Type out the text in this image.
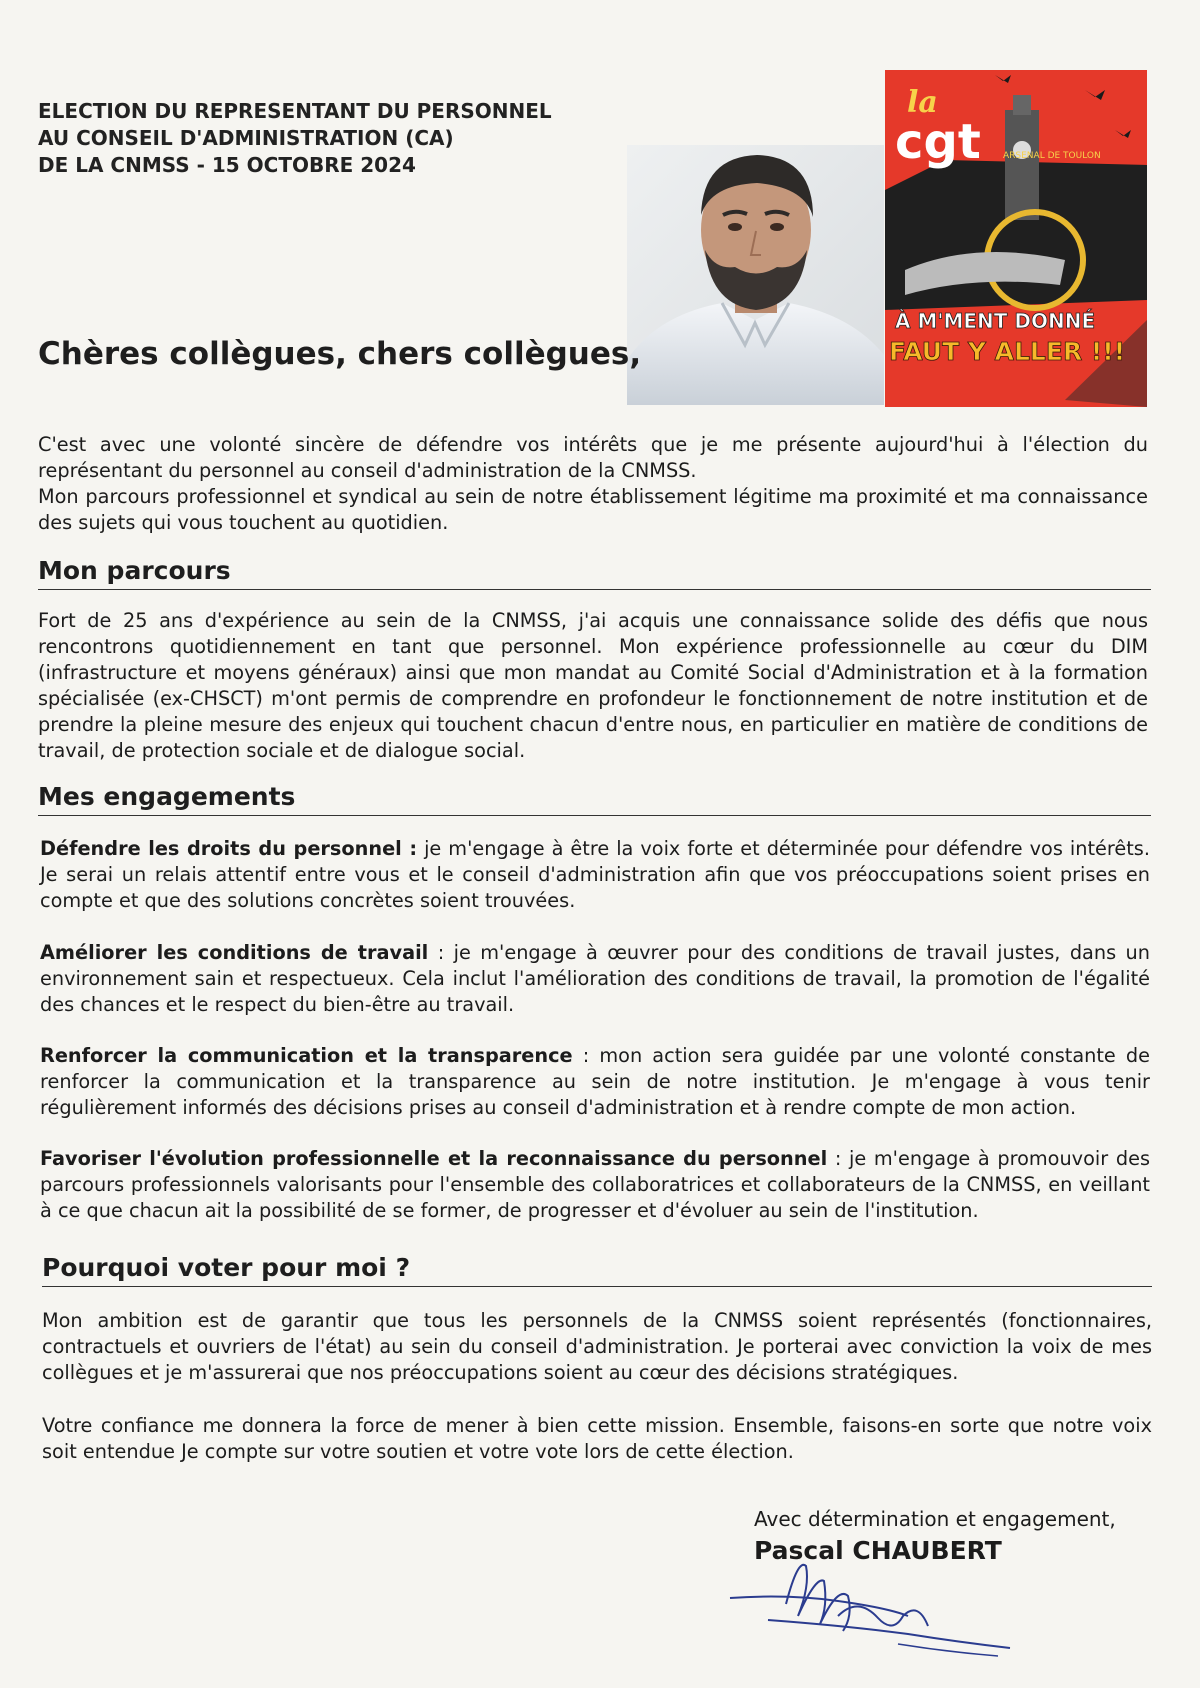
ELECTION DU REPRESENTANT DU PERSONNEL
AU CONSEIL D'ADMINISTRATION (CA)
DE LA CNMSS - 15 OCTOBRE 2024
la
cgt ARSENAL DE TOULON
À M'MENT DONNÉ
FAUT Y ALLER !!!
Chères collègues, chers collègues,

C'est avec une volonté sincère de défendre vos intérêts que je me présente aujourd'hui à l'élection du représentant du personnel au conseil d'administration de la CNMSS.

Mon parcours professionnel et syndical au sein de notre établissement légitime ma proximité et ma connaissance des sujets qui vous touchent au quotidien.

Mon parcours
Fort de 25 ans d'expérience au sein de la CNMSS, j'ai acquis une connaissance solide des défis que nous rencontrons quotidiennement en tant que personnel. Mon expérience professionnelle au cœur du DIM (infrastructure et moyens généraux) ainsi que mon mandat au Comité Social d'Administration et à la formation spécialisée (ex-CHSCT) m'ont permis de comprendre en profondeur le fonctionnement de notre institution et de prendre la pleine mesure des enjeux qui touchent chacun d'entre nous, en particulier en matière de conditions de travail, de protection sociale et de dialogue social.
Mes engagements
Défendre les droits du personnel : je m'engage à être la voix forte et déterminée pour défendre vos intérêts. Je serai un relais attentif entre vous et le conseil d'administration afin que vos préoccupations soient prises en compte et que des solutions concrètes soient trouvées.
Améliorer les conditions de travail : je m'engage à œuvrer pour des conditions de travail justes, dans un environnement sain et respectueux. Cela inclut l'amélioration des conditions de travail, la promotion de l'égalité des chances et le respect du bien-être au travail.
Renforcer la communication et la transparence : mon action sera guidée par une volonté constante de renforcer la communication et la transparence au sein de notre institution. Je m'engage à vous tenir régulièrement informés des décisions prises au conseil d'administration et à rendre compte de mon action.
Favoriser l'évolution professionnelle et la reconnaissance du personnel : je m'engage à promouvoir des parcours professionnels valorisants pour l'ensemble des collaboratrices et collaborateurs de la CNMSS, en veillant à ce que chacun ait la possibilité de se former, de progresser et d'évoluer au sein de l'institution.
Pourquoi voter pour moi ?
Mon ambition est de garantir que tous les personnels de la CNMSS soient représentés (fonctionnaires, contractuels et ouvriers de l'état) au sein du conseil d'administration. Je porterai avec conviction la voix de mes collègues et je m'assurerai que nos préoccupations soient au cœur des décisions stratégiques.
Votre confiance me donnera la force de mener à bien cette mission. Ensemble, faisons-en sorte que notre voix soit entendue Je compte sur votre soutien et votre vote lors de cette élection.
Avec détermination et engagement,
Pascal CHAUBERT
